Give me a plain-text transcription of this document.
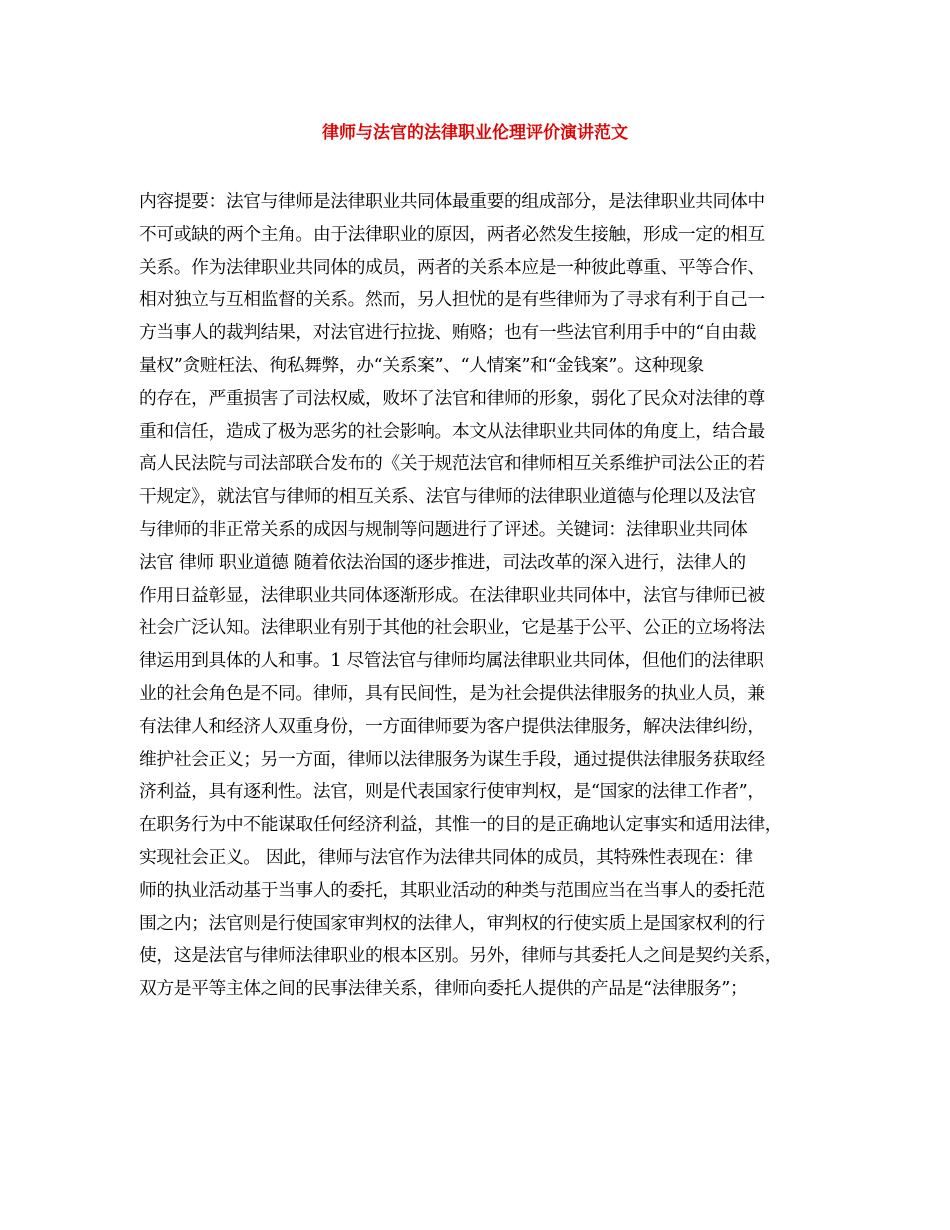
律师与法官的法律职业伦理评价演讲范文
内容提要：法官与律师是法律职业共同体最重要的组成部分，是法律职业共同体中
不可或缺的两个主角。由于法律职业的原因，两者必然发生接触，形成一定的相互
关系。作为法律职业共同体的成员，两者的关系本应是一种彼此尊重、平等合作、
相对独立与互相监督的关系。然而，另人担忧的是有些律师为了寻求有利于自己一
方当事人的裁判结果，对法官进行拉拢、贿赂；也有一些法官利用手中的“自由裁
量权”贪赃枉法、徇私舞弊，办“关系案”、“人情案”和“金钱案”。这种现象
的存在，严重损害了司法权威，败坏了法官和律师的形象，弱化了民众对法律的尊
重和信任，造成了极为恶劣的社会影响。本文从法律职业共同体的角度上，结合最
高人民法院与司法部联合发布的《关于规范法官和律师相互关系维护司法公正的若
干规定》，就法官与律师的相互关系、法官与律师的法律职业道德与伦理以及法官
与律师的非正常关系的成因与规制等问题进行了评述。关键词：法律职业共同体
法官 律师 职业道德 随着依法治国的逐步推进，司法改革的深入进行，法律人的
作用日益彰显，法律职业共同体逐渐形成。在法律职业共同体中，法官与律师已被
社会广泛认知。法律职业有别于其他的社会职业，它是基于公平、公正的立场将法
律运用到具体的人和事。1 尽管法官与律师均属法律职业共同体，但他们的法律职
业的社会角色是不同。律师，具有民间性，是为社会提供法律服务的执业人员，兼
有法律人和经济人双重身份，一方面律师要为客户提供法律服务，解决法律纠纷，
维护社会正义；另一方面，律师以法律服务为谋生手段，通过提供法律服务获取经
济利益，具有逐利性。法官，则是代表国家行使审判权，是“国家的法律工作者”，
在职务行为中不能谋取任何经济利益，其惟一的目的是正确地认定事实和适用法律，
实现社会正义。 因此，律师与法官作为法律共同体的成员，其特殊性表现在：律
师的执业活动基于当事人的委托，其职业活动的种类与范围应当在当事人的委托范
围之内；法官则是行使国家审判权的法律人，审判权的行使实质上是国家权利的行
使，这是法官与律师法律职业的根本区别。另外，律师与其委托人之间是契约关系，
双方是平等主体之间的民事法律关系，律师向委托人提供的产品是“法律服务”；
